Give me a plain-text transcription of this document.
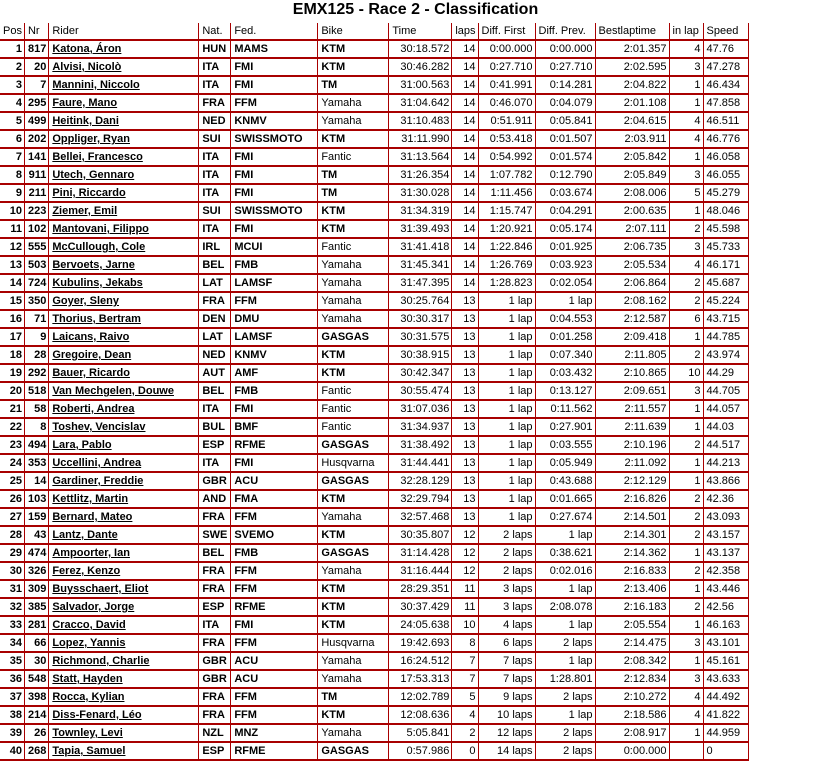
EMX125 - Race 2 - Classification
Pos	Nr	Rider	Nat.	Fed.	Bike	Time	laps	Diff. First	Diff. Prev.	Bestlaptime	in lap	Speed
1	817	Katona, Áron	HUN	MAMS	KTM	30:18.572	14	0:00.000	0:00.000	2:01.357	4	47.76
2	20	Alvisi, Nicolò	ITA	FMI	KTM	30:46.282	14	0:27.710	0:27.710	2:02.595	3	47.278
3	7	Mannini, Niccolo	ITA	FMI	TM	31:00.563	14	0:41.991	0:14.281	2:04.822	1	46.434
4	295	Faure, Mano	FRA	FFM	Yamaha	31:04.642	14	0:46.070	0:04.079	2:01.108	1	47.858
5	499	Heitink, Dani	NED	KNMV	Yamaha	31:10.483	14	0:51.911	0:05.841	2:04.615	4	46.511
6	202	Oppliger, Ryan	SUI	SWISSMOTO	KTM	31:11.990	14	0:53.418	0:01.507	2:03.911	4	46.776
7	141	Bellei, Francesco	ITA	FMI	Fantic	31:13.564	14	0:54.992	0:01.574	2:05.842	1	46.058
8	911	Utech, Gennaro	ITA	FMI	TM	31:26.354	14	1:07.782	0:12.790	2:05.849	3	46.055
9	211	Pini, Riccardo	ITA	FMI	TM	31:30.028	14	1:11.456	0:03.674	2:08.006	5	45.279
10	223	Ziemer, Emil	SUI	SWISSMOTO	KTM	31:34.319	14	1:15.747	0:04.291	2:00.635	1	48.046
11	102	Mantovani, Filippo	ITA	FMI	KTM	31:39.493	14	1:20.921	0:05.174	2:07.111	2	45.598
12	555	McCullough, Cole	IRL	MCUI	Fantic	31:41.418	14	1:22.846	0:01.925	2:06.735	3	45.733
13	503	Bervoets, Jarne	BEL	FMB	Yamaha	31:45.341	14	1:26.769	0:03.923	2:05.534	4	46.171
14	724	Kubulins, Jekabs	LAT	LAMSF	Yamaha	31:47.395	14	1:28.823	0:02.054	2:06.864	2	45.687
15	350	Goyer, Sleny	FRA	FFM	Yamaha	30:25.764	13	1 lap	1 lap	2:08.162	2	45.224
16	71	Thorius, Bertram	DEN	DMU	Yamaha	30:30.317	13	1 lap	0:04.553	2:12.587	6	43.715
17	9	Laicans, Raivo	LAT	LAMSF	GASGAS	30:31.575	13	1 lap	0:01.258	2:09.418	1	44.785
18	28	Gregoire, Dean	NED	KNMV	KTM	30:38.915	13	1 lap	0:07.340	2:11.805	2	43.974
19	292	Bauer, Ricardo	AUT	AMF	KTM	30:42.347	13	1 lap	0:03.432	2:10.865	10	44.29
20	518	Van Mechgelen, Douwe	BEL	FMB	Fantic	30:55.474	13	1 lap	0:13.127	2:09.651	3	44.705
21	58	Roberti, Andrea	ITA	FMI	Fantic	31:07.036	13	1 lap	0:11.562	2:11.557	1	44.057
22	8	Toshev, Vencislav	BUL	BMF	Fantic	31:34.937	13	1 lap	0:27.901	2:11.639	1	44.03
23	494	Lara, Pablo	ESP	RFME	GASGAS	31:38.492	13	1 lap	0:03.555	2:10.196	2	44.517
24	353	Uccellini, Andrea	ITA	FMI	Husqvarna	31:44.441	13	1 lap	0:05.949	2:11.092	1	44.213
25	14	Gardiner, Freddie	GBR	ACU	GASGAS	32:28.129	13	1 lap	0:43.688	2:12.129	1	43.866
26	103	Kettlitz, Martin	AND	FMA	KTM	32:29.794	13	1 lap	0:01.665	2:16.826	2	42.36
27	159	Bernard, Mateo	FRA	FFM	Yamaha	32:57.468	13	1 lap	0:27.674	2:14.501	2	43.093
28	43	Lantz, Dante	SWE	SVEMO	KTM	30:35.807	12	2 laps	1 lap	2:14.301	2	43.157
29	474	Ampoorter, Ian	BEL	FMB	GASGAS	31:14.428	12	2 laps	0:38.621	2:14.362	1	43.137
30	326	Ferez, Kenzo	FRA	FFM	Yamaha	31:16.444	12	2 laps	0:02.016	2:16.833	2	42.358
31	309	Buysschaert, Eliot	FRA	FFM	KTM	28:29.351	11	3 laps	1 lap	2:13.406	1	43.446
32	385	Salvador, Jorge	ESP	RFME	KTM	30:37.429	11	3 laps	2:08.078	2:16.183	2	42.56
33	281	Cracco, David	ITA	FMI	KTM	24:05.638	10	4 laps	1 lap	2:05.554	1	46.163
34	66	Lopez, Yannis	FRA	FFM	Husqvarna	19:42.693	8	6 laps	2 laps	2:14.475	3	43.101
35	30	Richmond, Charlie	GBR	ACU	Yamaha	16:24.512	7	7 laps	1 lap	2:08.342	1	45.161
36	548	Statt, Hayden	GBR	ACU	Yamaha	17:53.313	7	7 laps	1:28.801	2:12.834	3	43.633
37	398	Rocca, Kylian	FRA	FFM	TM	12:02.789	5	9 laps	2 laps	2:10.272	4	44.492
38	214	Diss-Fenard, Léo	FRA	FFM	KTM	12:08.636	4	10 laps	1 lap	2:18.586	4	41.822
39	26	Townley, Levi	NZL	MNZ	Yamaha	5:05.841	2	12 laps	2 laps	2:08.917	1	44.959
40	268	Tapia, Samuel	ESP	RFME	GASGAS	0:57.986	0	14 laps	2 laps	0:00.000		0
